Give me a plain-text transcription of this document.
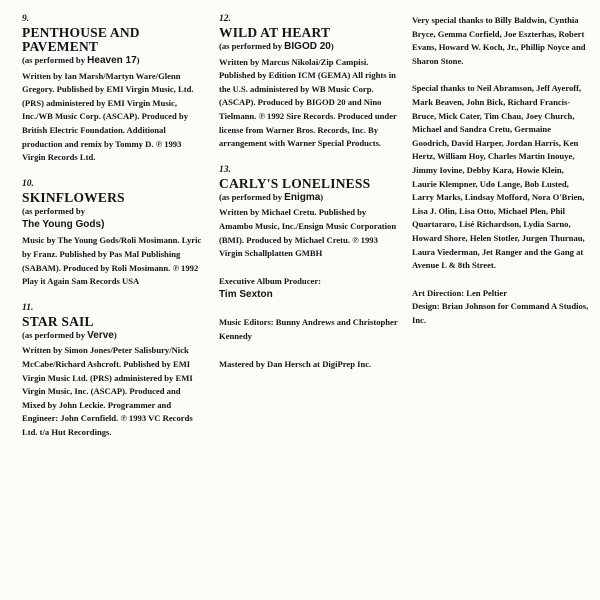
9.
PENTHOUSE AND PAVEMENT
(as performed by Heaven 17)
Written by Ian Marsh/Martyn Ware/Glenn Gregory. Published by EMI Virgin Music, Ltd. (PRS) administered by EMI Virgin Music, Inc./WB Music Corp. (ASCAP). Produced by British Electric Foundation. Additional production and remix by Tommy D. ℗ 1993 Virgin Records Ltd.
10.
SKINFLOWERS
(as performed by
The Young Gods)
Music by The Young Gods/Roli Mosimann. Lyric by Franz. Published by Pas Mal Publishing (SABAM). Produced by Roli Mosimann. ℗ 1992 Play it Again Sam Records USA
11.
STAR SAIL
(as performed by Verve)
Written by Simon Jones/Peter Salisbury/Nick McCabe/Richard Ashcroft. Published by EMI Virgin Music Ltd. (PRS) administered by EMI Virgin Music, Inc. (ASCAP). Produced and Mixed by John Leckie. Programmer and Engineer: John Cornfield. ℗ 1993 VC Records Ltd. t/a Hut Recordings.
12.
WILD AT HEART
(as performed by BIGOD 20)
Written by Marcus Nikolai/Zip Campisi. Published by Edition ICM (GEMA) All rights in the U.S. administered by WB Music Corp. (ASCAP). Produced by BIGOD 20 and Nino Tielmann. ℗ 1992 Sire Records. Produced under license from Warner Bros. Records, Inc. By arrangement with Warner Special Products.
13.
CARLY'S LONELINESS
(as performed by Enigma)
Written by Michael Cretu. Published by Amambo Music, Inc./Ensign Music Corporation (BMI). Produced by Michael Cretu. ℗ 1993 Virgin Schallplatten GMBH
Executive Album Producer:
Tim Sexton
Music Editors: Bunny Andrews and Christopher Kennedy
Mastered by Dan Hersch at DigiPrep Inc.
Very special thanks to Billy Baldwin, Cynthia Bryce, Gemma Corfield, Joe Eszterhas, Robert Evans, Howard W. Koch, Jr., Phillip Noyce and Sharon Stone.
Special thanks to Neil Abramson, Jeff Ayeroff, Mark Beaven, John Bick, Richard Francis-Bruce, Mick Cater, Tim Chau, Joey Church, Michael and Sandra Cretu, Germaine Goodrich, David Harper, Jordan Harris, Ken Hertz, William Hoy, Charles Martin Inouye, Jimmy Iovine, Debby Kara, Howie Klein, Laurie Klempner, Udo Lange, Bob Lusted, Larry Marks, Lindsay Mofford, Nora O'Brien, Lisa J. Olin, Lisa Otto, Michael Plen, Phil Quartararo, Lisé Richardson, Lydia Sarno, Howard Shore, Helen Stotler, Jurgen Thurnau, Laura Viederman, Jet Ranger and the Gang at Avenue L & 8th Street.
Art Direction: Len Peltier
Design: Brian Johnson for Command A Studios, Inc.
